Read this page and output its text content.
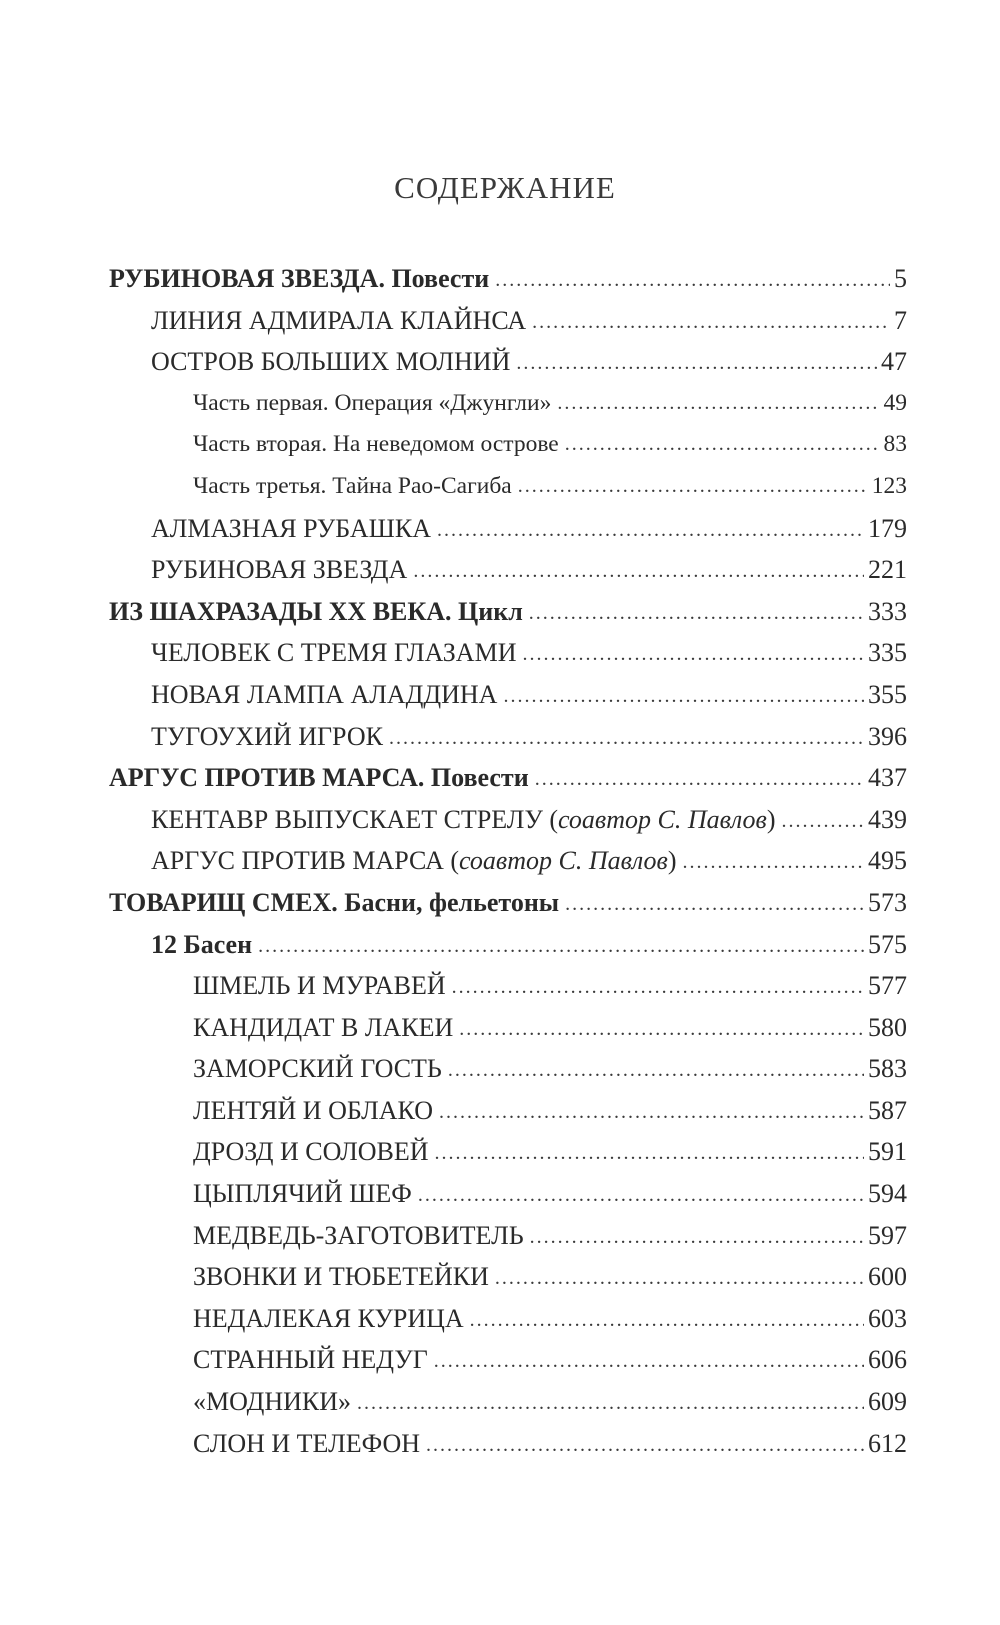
СОДЕРЖАНИЕ
РУБИНОВАЯ ЗВЕЗДА. Повести .....	5
ЛИНИЯ АДМИРАЛА КЛАЙНСА .....	7
ОСТРОВ БОЛЬШИХ МОЛНИЙ .....	47
Часть первая. Операция «Джунгли» .....	49
Часть вторая. На неведомом острове .....	83
Часть третья. Тайна Рао-Сагиба .....	123
АЛМАЗНАЯ РУБАШКА .....	179
РУБИНОВАЯ ЗВЕЗДА .....	221
ИЗ ШАХРАЗАДЫ XX ВЕКА. Цикл .....	333
ЧЕЛОВЕК С ТРЕМЯ ГЛАЗАМИ .....	335
НОВАЯ ЛАМПА АЛАДДИНА .....	355
ТУГОУХИЙ ИГРОК .....	396
АРГУС ПРОТИВ МАРСА. Повести .....	437
КЕНТАВР ВЫПУСКАЕТ СТРЕЛУ (соавтор С. Павлов) .....	439
АРГУС ПРОТИВ МАРСА (соавтор С. Павлов) .....	495
ТОВАРИЩ СМЕХ. Басни, фельетоны .....	573
12 Басен .....	575
ШМЕЛЬ И МУРАВЕЙ .....	577
КАНДИДАТ В ЛАКЕИ .....	580
ЗАМОРСКИЙ ГОСТЬ .....	583
ЛЕНТЯЙ И ОБЛАКО .....	587
ДРОЗД И СОЛОВЕЙ .....	591
ЦЫПЛЯЧИЙ ШЕФ .....	594
МЕДВЕДЬ-ЗАГОТОВИТЕЛЬ .....	597
ЗВОНКИ И ТЮБЕТЕЙКИ .....	600
НЕДАЛЕКАЯ КУРИЦА .....	603
СТРАННЫЙ НЕДУГ .....	606
«МОДНИКИ» .....	609
СЛОН И ТЕЛЕФОН .....	612
